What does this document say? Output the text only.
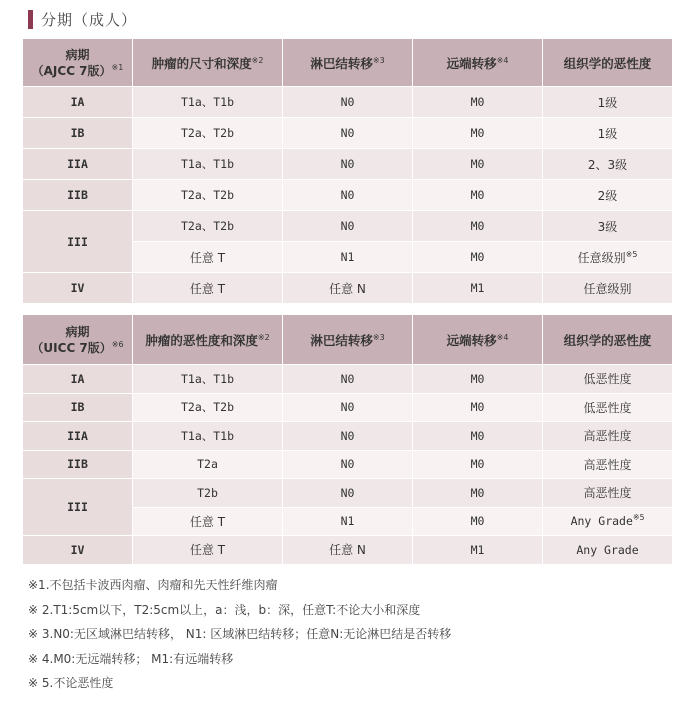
分期（成人）
病期
（AJCC 7版）$^{※1}$	肿瘤的尺寸和深度$^{※2}$	淋巴结转移$^{※3}$	远端转移$^{※4}$	组织学的恶性度
IA	T1a、T1b	N0	M0	1级
IB	T2a、T2b	N0	M0	1级
IIA	T1a、T1b	N0	M0	2、3级
IIB	T2a、T2b	N0	M0	2级
III	T2a、T2b	N0	M0	3级
	任意 T	N1	M0	任意级别$^{※5}$
IV	任意 T	任意 N	M1	任意级别
病期
（UICC 7版）$^{※6}$	肿瘤的恶性度和深度$^{※2}$	淋巴结转移$^{※3}$	远端转移$^{※4}$	组织学的恶性度
IA	T1a、T1b	N0	M0	低恶性度
IB	T2a、T2b	N0	M0	低恶性度
IIA	T1a、T1b	N0	M0	高恶性度
IIB	T2a	N0	M0	高恶性度
III	T2b	N0	M0	高恶性度
	任意 T	N1	M0	Any Grade$^{※5}$
IV	任意 T	任意 N	M1	Any Grade
※1.不包括卡波西肉瘤、肉瘤和先天性纤维肉瘤
※ 2.T1:5cm以下，T2:5cm以上，a：浅，b：深，任意T:不论大小和深度
※ 3.N0:无区域淋巴结转移， N1: 区域淋巴结转移；任意N:无论淋巴结是否转移
※ 4.M0:无远端转移； M1:有远端转移
※ 5.不论恶性度
